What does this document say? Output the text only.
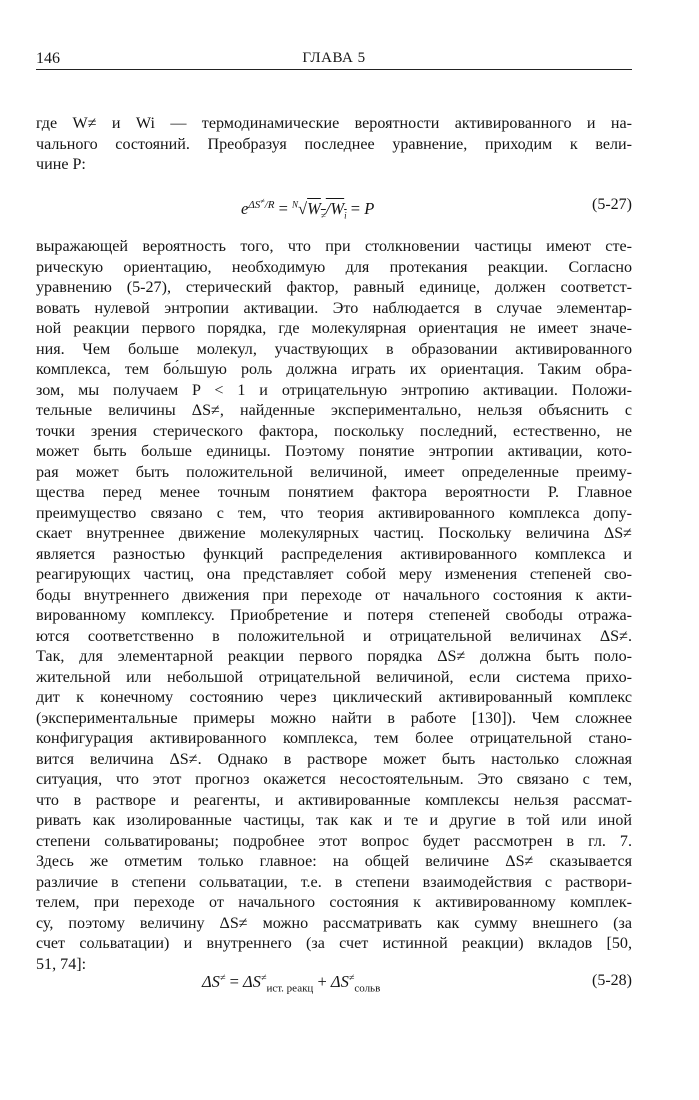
146	ГЛАВА 5
где W≠ и Wi — термодинамические вероятности активированного и на-
чального состояний. Преобразуя последнее уравнение, приходим к вели-
чине P:
$e^{\Delta S^\ne/R} = ^N√W_\ne/W_i = P$	(5-27)
выражающей вероятность того, что при столкновении частицы имеют сте-
рическую ориентацию, необходимую для протекания реакции. Согласно
уравнению (5-27), стерический фактор, равный единице, должен соответст-
вовать нулевой энтропии активации. Это наблюдается в случае элементар-
ной реакции первого порядка, где молекулярная ориентация не имеет значе-
ния. Чем больше молекул, участвующих в образовании активированного
комплекса, тем бо́льшую роль должна играть их ориентация. Таким обра-
зом, мы получаем P < 1 и отрицательную энтропию активации. Положи-
тельные величины ΔS≠, найденные экспериментально, нельзя объяснить с
точки зрения стерического фактора, поскольку последний, естественно, не
может быть больше единицы. Поэтому понятие энтропии активации, кото-
рая может быть положительной величиной, имеет определенные преиму-
щества перед менее точным понятием фактора вероятности P. Главное
преимущество связано с тем, что теория активированного комплекса допу-
скает внутреннее движение молекулярных частиц. Поскольку величина ΔS≠
является разностью функций распределения активированного комплекса и
реагирующих частиц, она представляет собой меру изменения степеней сво-
боды внутреннего движения при переходе от начального состояния к акти-
вированному комплексу. Приобретение и потеря степеней свободы отража-
ются соответственно в положительной и отрицательной величинах ΔS≠.
Так, для элементарной реакции первого порядка ΔS≠ должна быть поло-
жительной или небольшой отрицательной величиной, если система прихо-
дит к конечному состоянию через циклический активированный комплекс
(экспериментальные примеры можно найти в работе [130]). Чем сложнее
конфигурация активированного комплекса, тем более отрицательной стано-
вится величина ΔS≠. Однако в растворе может быть настолько сложная
ситуация, что этот прогноз окажется несостоятельным. Это связано с тем,
что в растворе и реагенты, и активированные комплексы нельзя рассмат-
ривать как изолированные частицы, так как и те и другие в той или иной
степени сольватированы; подробнее этот вопрос будет рассмотрен в гл. 7.
Здесь же отметим только главное: на общей величине ΔS≠ сказывается
различие в степени сольватации, т.е. в степени взаимодействия с раствори-
телем, при переходе от начального состояния к активированному комплек-
су, поэтому величину ΔS≠ можно рассматривать как сумму внешнего (за
счет сольватации) и внутреннего (за счет истинной реакции) вкладов [50,
51, 74]:
$\Delta S^\ne = \Delta S^\ne_{ист. реакц} + \Delta S^\ne_{сольв}$	(5-28)
